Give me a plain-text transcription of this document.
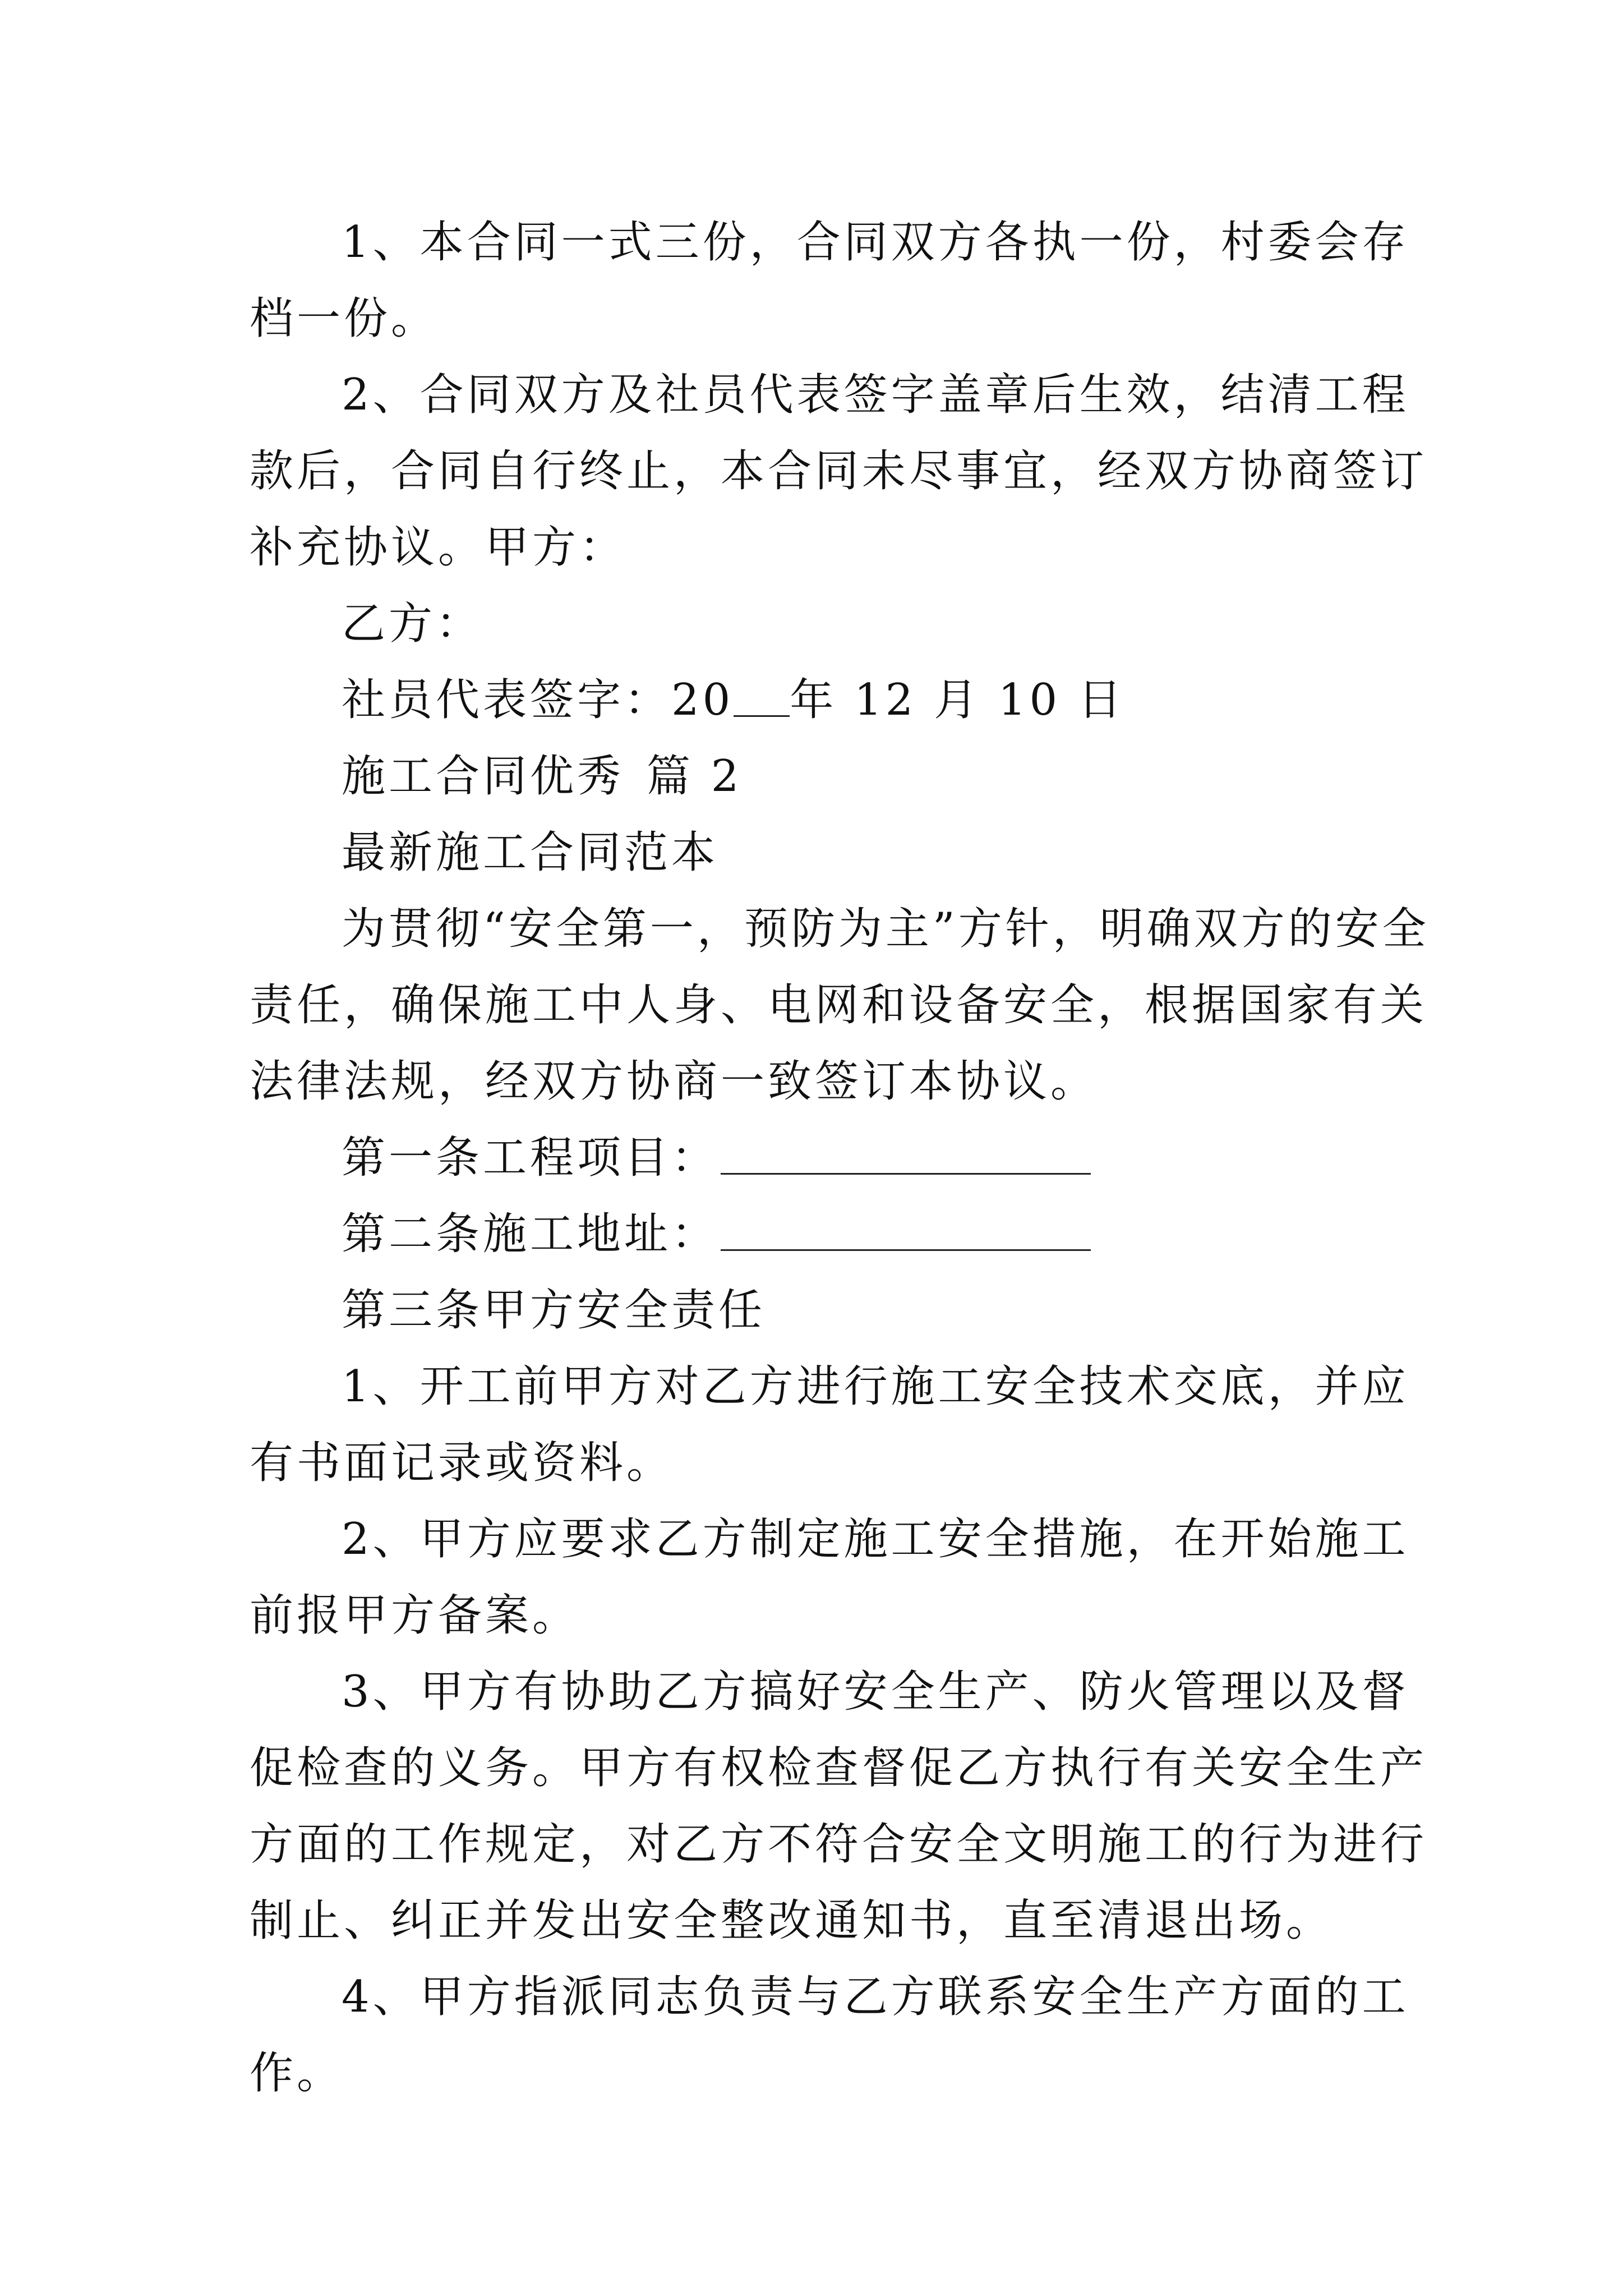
1、本合同一式三份，合同双方各执一份，村委会存档一份。

2、合同双方及社员代表签字盖章后生效，结清工程款后，合同自行终止，本合同未尽事宜，经双方协商签订补充协议。甲方：

乙方：

社员代表签字：20 年 12 月 10 日

施工合同优秀 篇 2

最新施工合同范本

为贯彻“安全第一，预防为主”方针，明确双方的安全责任，确保施工中人身、电网和设备安全，根据国家有关法律法规，经双方协商一致签订本协议。

第一条工程项目：

第二条施工地址：

第三条甲方安全责任

1、开工前甲方对乙方进行施工安全技术交底，并应有书面记录或资料。

2、甲方应要求乙方制定施工安全措施，在开始施工前报甲方备案。

3、甲方有协助乙方搞好安全生产、防火管理以及督促检查的义务。甲方有权检查督促乙方执行有关安全生产方面的工作规定，对乙方不符合安全文明施工的行为进行制止、纠正并发出安全整改通知书，直至清退出场。

4、甲方指派同志负责与乙方联系安全生产方面的工作。
